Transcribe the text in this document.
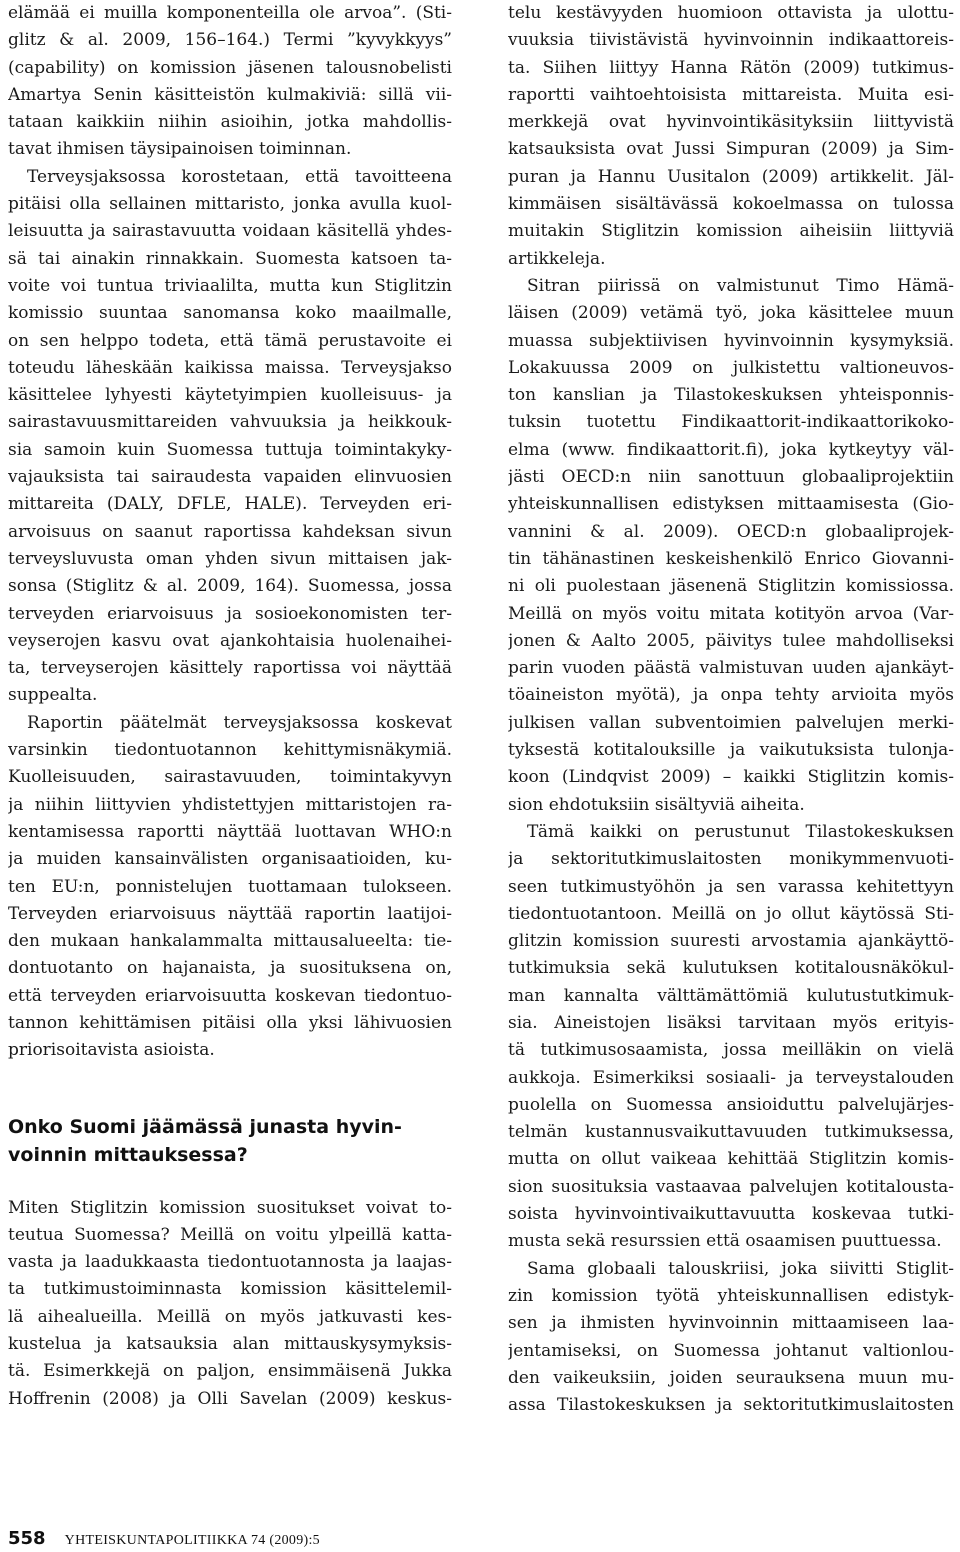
elämää ei muilla komponenteilla ole arvoa”. (Sti-
glitz & al. 2009, 156–164.) Termi ”kyvykkyys”
(capability) on komission jäsenen talousnobelisti
Amartya Senin käsitteistön kulmakiviä: sillä vii-
tataan kaikkiin niihin asioihin, jotka mahdollis-
tavat ihmisen täysipainoisen toiminnan.
Terveysjaksossa korostetaan, että tavoitteena
pitäisi olla sellainen mittaristo, jonka avulla kuol-
leisuutta ja sairastavuutta voidaan käsitellä yhdes-
sä tai ainakin rinnakkain. Suomesta katsoen ta-
voite voi tuntua triviaalilta, mutta kun Stiglitzin
komissio suuntaa sanomansa koko maailmalle,
on sen helppo todeta, että tämä perustavoite ei
toteudu läheskään kaikissa maissa. Terveysjakso
käsittelee lyhyesti käytetyimpien kuolleisuus- ja
sairastavuusmittareiden vahvuuksia ja heikkouk-
sia samoin kuin Suomessa tuttuja toimintakyky-
vajauksista tai sairaudesta vapaiden elinvuosien
mittareita (DALY, DFLE, HALE). Terveyden eri-
arvoisuus on saanut raportissa kahdeksan sivun
terveysluvusta oman yhden sivun mittaisen jak-
sonsa (Stiglitz & al. 2009, 164). Suomessa, jossa
terveyden eriarvoisuus ja sosioekonomisten ter-
veyserojen kasvu ovat ajankohtaisia huolenaihei-
ta, terveyserojen käsittely raportissa voi näyttää
suppealta.
Raportin päätelmät terveysjaksossa koskevat
varsinkin tiedontuotannon kehittymisnäkymiä.
Kuolleisuuden, sairastavuuden, toimintakyvyn
ja niihin liittyvien yhdistettyjen mittaristojen ra-
kentamisessa raportti näyttää luottavan WHO:n
ja muiden kansainvälisten organisaatioiden, ku-
ten EU:n, ponnistelujen tuottamaan tulokseen.
Terveyden eriarvoisuus näyttää raportin laatijoi-
den mukaan hankalammalta mittausalueelta: tie-
dontuotanto on hajanaista, ja suosituksena on,
että terveyden eriarvoisuutta koskevan tiedontuo-
tannon kehittämisen pitäisi olla yksi lähivuosien
priorisoitavista asioista.
Onko Suomi jäämässä junasta hyvin-
voinnin mittauksessa?
Miten Stiglitzin komission suositukset voivat to-
teutua Suomessa? Meillä on voitu ylpeillä katta-
vasta ja laadukkaasta tiedontuotannosta ja laajas-
ta tutkimustoiminnasta komission käsittelemil-
lä aihealueilla. Meillä on myös jatkuvasti kes-
kustelua ja katsauksia alan mittauskysymyksis-
tä. Esimerkkejä on paljon, ensimmäisenä Jukka
Hoffrenin (2008) ja Olli Savelan (2009) keskus-
telu kestävyyden huomioon ottavista ja ulottu-
vuuksia tiivistävistä hyvinvoinnin indikaattoreis-
ta. Siihen liittyy Hanna Rätön (2009) tutkimus-
raportti vaihtoehtoisista mittareista. Muita esi-
merkkejä ovat hyvinvointikäsityksiin liittyvistä
katsauksista ovat Jussi Simpuran (2009) ja Sim-
puran ja Hannu Uusitalon (2009) artikkelit. Jäl-
kimmäisen sisältävässä kokoelmassa on tulossa
muitakin Stiglitzin komission aiheisiin liittyviä
artikkeleja.
Sitran piirissä on valmistunut Timo Hämä-
läisen (2009) vetämä työ, joka käsittelee muun
muassa subjektiivisen hyvinvoinnin kysymyksiä.
Lokakuussa 2009 on julkistettu valtioneuvos-
ton kanslian ja Tilastokeskuksen yhteisponnis-
tuksin tuotettu Findikaattorit-indikaattorikoko-
elma (www. findikaattorit.fi), joka kytkeytyy väl-
jästi OECD:n niin sanottuun globaaliprojektiin
yhteiskunnallisen edistyksen mittaamisesta (Gio-
vannini & al. 2009). OECD:n globaaliprojek-
tin tähänastinen keskeishenkilö Enrico Giovanni-
ni oli puolestaan jäsenenä Stiglitzin komissiossa.
Meillä on myös voitu mitata kotityön arvoa (Var-
jonen & Aalto 2005, päivitys tulee mahdolliseksi
parin vuoden päästä valmistuvan uuden ajankäyt-
töaineiston myötä), ja onpa tehty arvioita myös
julkisen vallan subventoimien palvelujen merki-
tyksestä kotitalouksille ja vaikutuksista tulonja-
koon (Lindqvist 2009) – kaikki Stiglitzin komis-
sion ehdotuksiin sisältyviä aiheita.
Tämä kaikki on perustunut Tilastokeskuksen
ja sektoritutkimuslaitosten monikymmenvuoti-
seen tutkimustyöhön ja sen varassa kehitettyyn
tiedontuotantoon. Meillä on jo ollut käytössä Sti-
glitzin komission suuresti arvostamia ajankäyttö-
tutkimuksia sekä kulutuksen kotitalousnäkökul-
man kannalta välttämättömiä kulutustutkimuk-
sia. Aineistojen lisäksi tarvitaan myös erityis-
tä tutkimusosaamista, jossa meilläkin on vielä
aukkoja. Esimerkiksi sosiaali- ja terveystalouden
puolella on Suomessa ansioiduttu palvelujärjes-
telmän kustannusvaikuttavuuden tutkimuksessa,
mutta on ollut vaikeaa kehittää Stiglitzin komis-
sion suosituksia vastaavaa palvelujen kotitalousta-
soista hyvinvointivaikuttavuutta koskevaa tutki-
musta sekä resurssien että osaamisen puuttuessa.
Sama globaali talouskriisi, joka siivitti Stiglit-
zin komission työtä yhteiskunnallisen edistyk-
sen ja ihmisten hyvinvoinnin mittaamiseen laa-
jentamiseksi, on Suomessa johtanut valtionlou-
den vaikeuksiin, joiden seurauksena muun mu-
assa Tilastokeskuksen ja sektoritutkimuslaitosten
558 YHTEISKUNTAPOLITIIKKA 74 (2009):5
